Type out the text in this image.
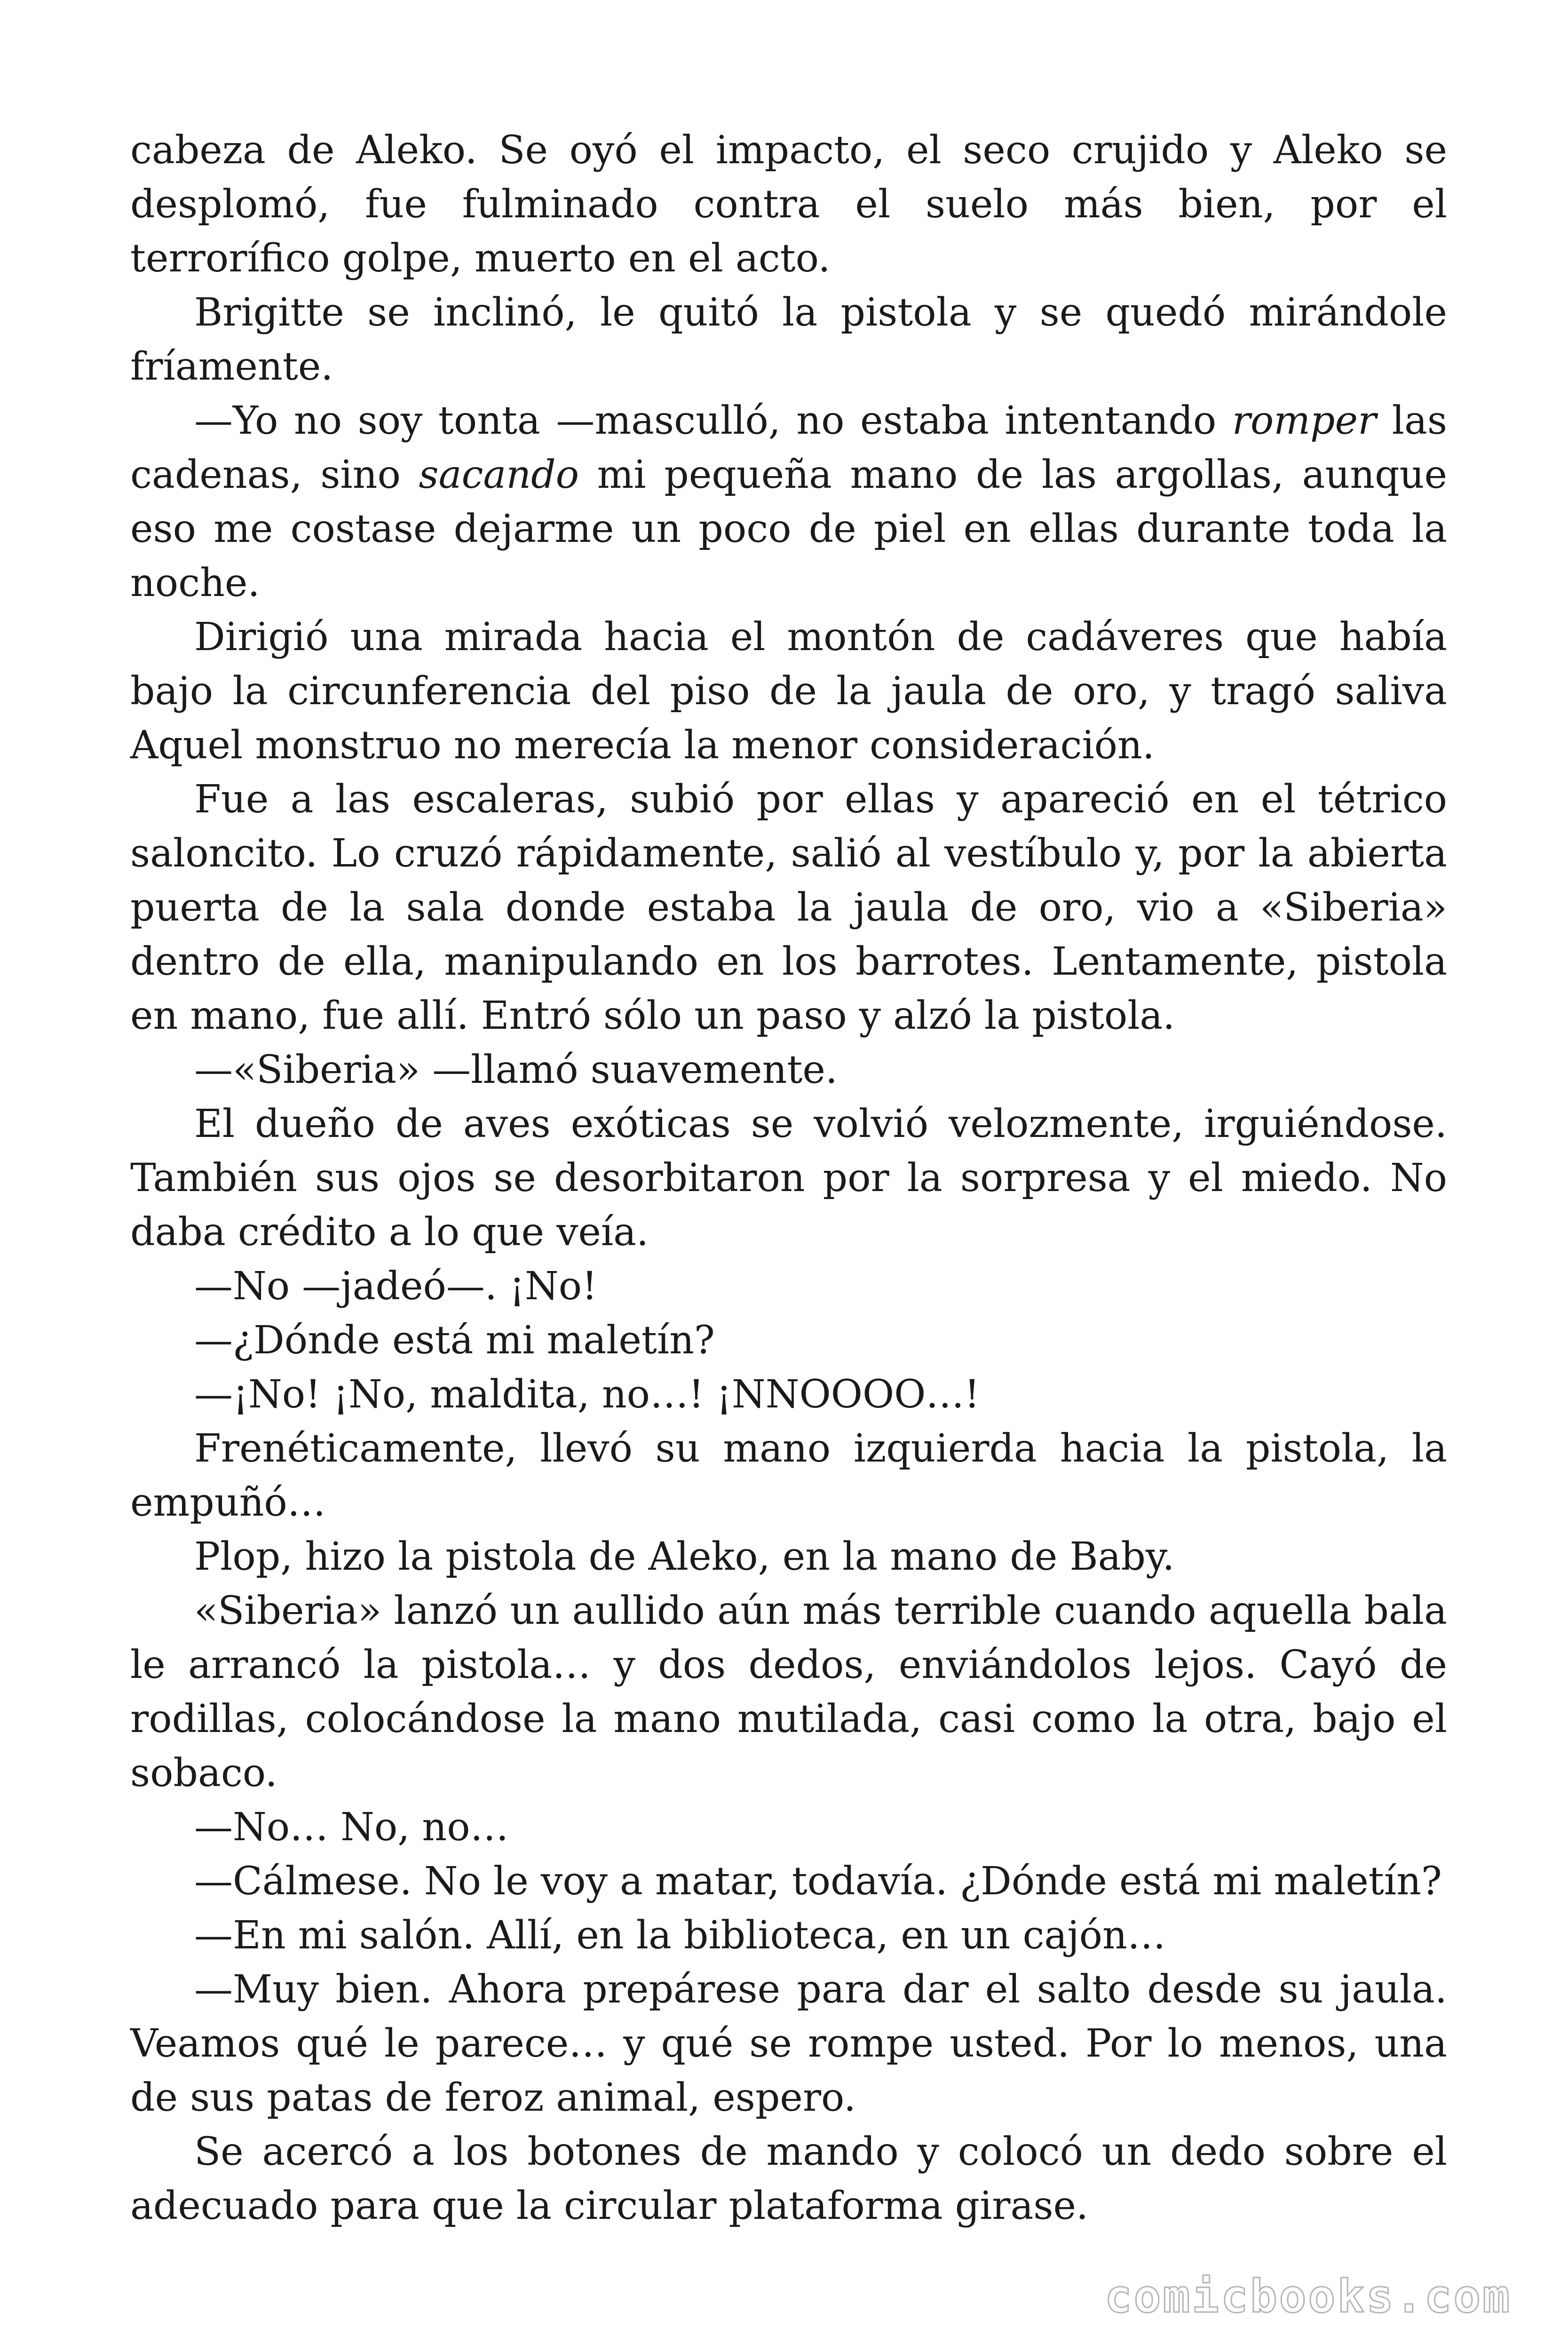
cabeza de Aleko. Se oyó el impacto, el seco crujido y Aleko se desplomó, fue fulminado contra el suelo más bien, por el terrorífico golpe, muerto en el acto.

Brigitte se inclinó, le quitó la pistola y se quedó mirándole fríamente.

—Yo no soy tonta —masculló, no estaba intentando romper las cadenas, sino sacando mi pequeña mano de las argollas, aunque eso me costase dejarme un poco de piel en ellas durante toda la noche.

Dirigió una mirada hacia el montón de cadáveres que había bajo la circunferencia del piso de la jaula de oro, y tragó saliva Aquel monstruo no merecía la menor consideración.

Fue a las escaleras, subió por ellas y apareció en el tétrico saloncito. Lo cruzó rápidamente, salió al vestíbulo y, por la abierta puerta de la sala donde estaba la jaula de oro, vio a «Siberia» dentro de ella, manipulando en los barrotes. Lentamente, pistola en mano, fue allí. Entró sólo un paso y alzó la pistola.

—«Siberia» —llamó suavemente.

El dueño de aves exóticas se volvió velozmente, irguiéndose. También sus ojos se desorbitaron por la sorpresa y el miedo. No daba crédito a lo que veía.

—No —jadeó—. ¡No!

—¿Dónde está mi maletín?

—¡No! ¡No, maldita, no…! ¡NNOOOO…!

Frenéticamente, llevó su mano izquierda hacia la pistola, la empuñó…

Plop, hizo la pistola de Aleko, en la mano de Baby.

«Siberia» lanzó un aullido aún más terrible cuando aquella bala le arrancó la pistola… y dos dedos, enviándolos lejos. Cayó de rodillas, colocándose la mano mutilada, casi como la otra, bajo el sobaco.

—No… No, no…

—Cálmese. No le voy a matar, todavía. ¿Dónde está mi maletín?

—En mi salón. Allí, en la biblioteca, en un cajón…

—Muy bien. Ahora prepárese para dar el salto desde su jaula. Veamos qué le parece… y qué se rompe usted. Por lo menos, una de sus patas de feroz animal, espero.

Se acercó a los botones de mando y colocó un dedo sobre el adecuado para que la circular plataforma girase.

comicbooks.com
